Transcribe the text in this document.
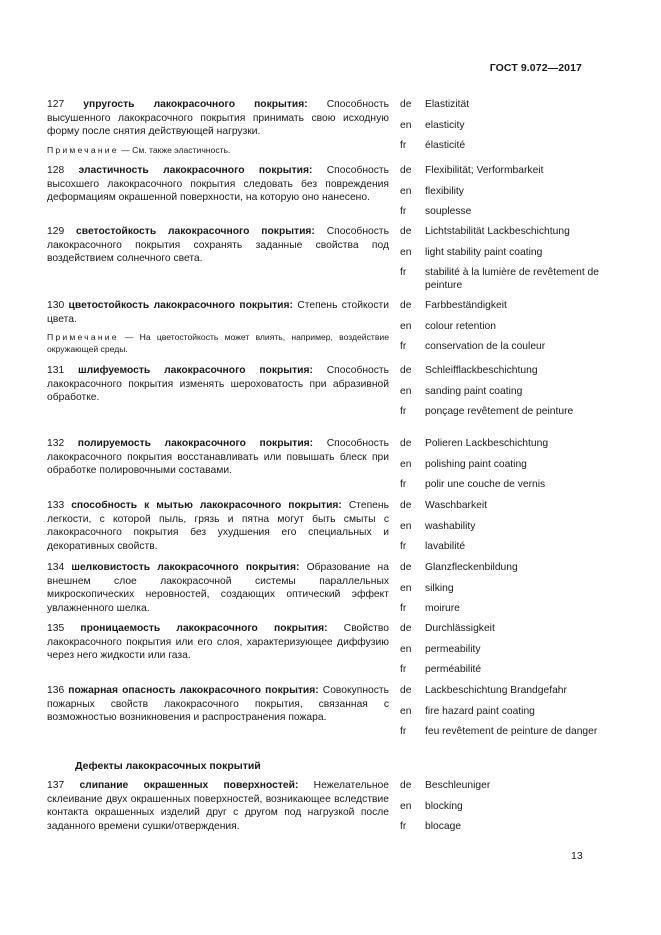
ГОСТ 9.072—2017
127 упругость лакокрасочного покрытия: Способность высушенного лакокрасочного покрытия принимать свою исходную форму после снятия действующей нагрузки.
Примечание — См. также эластичность.
de	Elastizität
en	elasticity
fr	élasticité
128 эластичность лакокрасочного покрытия: Способность высохшего лакокрасочного покрытия следовать без повреждения деформациям окрашенной поверхности, на которую оно нанесено.
de	Flexibilität; Verformbarkeit
en	flexibility
fr	souplesse
129 светостойкость лакокрасочного покрытия: Способность лакокрасочного покрытия сохранять заданные свойства под воздействием солнечного света.
de	Lichtstabilität Lackbeschichtung
en	light stability paint coating
fr	stabilité à la lumière de revêtement de peinture
130 цветостойкость лакокрасочного покрытия: Степень стойкости цвета.
Примечание — На цветостойкость может влиять, например, воздействие окружающей среды.
de	Farbbeständigkeit
en	colour retention
fr	conservation de la couleur
131 шлифуемость лакокрасочного покрытия: Способность лакокрасочного покрытия изменять шероховатость при абразивной обработке.
de	Schleifflackbeschichtung
en	sanding paint coating
fr	ponçage revêtement de peinture
132 полируемость лакокрасочного покрытия: Способность лакокрасочного покрытия восстанавливать или повышать блеск при обработке полировочными составами.
de	Polieren Lackbeschichtung
en	polishing paint coating
fr	polir une couche de vernis
133 способность к мытью лакокрасочного покрытия: Степень легкости, с которой пыль, грязь и пятна могут быть смыты с лакокрасочного покрытия без ухудшения его специальных и декоративных свойств.
de	Waschbarkeit
en	washability
fr	lavabilité
134 шелковистость лакокрасочного покрытия: Образование на внешнем слое лакокрасочной системы параллельных микроскопических неровностей, создающих оптический эффект увлажненного шелка.
de	Glanzfleckenbildung
en	silking
fr	moirure
135 проницаемость лакокрасочного покрытия: Свойство лакокрасочного покрытия или его слоя, характеризующее диффузию через него жидкости или газа.
de	Durchlässigkeit
en	permeability
fr	perméabilité
136 пожарная опасность лакокрасочного покрытия: Совокупность пожарных свойств лакокрасочного покрытия, связанная с возможностью возникновения и распространения пожара.
de	Lackbeschichtung Brandgefahr
en	fire hazard paint coating
fr	feu revêtement de peinture de danger
137 слипание окрашенных поверхностей: Нежелательное склеивание двух окрашенных поверхностей, возникающее вследствие контакта окрашенных изделий друг с другом под нагрузкой после заданного времени сушки/отверждения.
de	Beschleuniger
en	blocking
fr	blocage
Дефекты лакокрасочных покрытий
13
